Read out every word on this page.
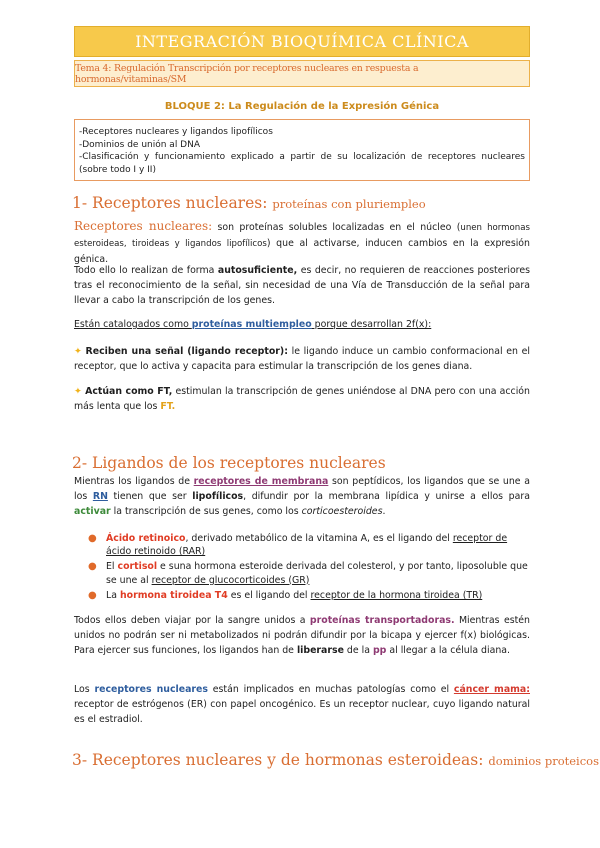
INTEGRACIÓN BIOQUÍMICA CLÍNICA
Tema 4: Regulación Transcripción por receptores nucleares en respuesta a hormonas/vitaminas/SM
BLOQUE 2: La Regulación de la Expresión Génica
-Receptores nucleares y ligandos lipofílicos
-Dominios de unión al DNA
-Clasificación y funcionamiento explicado a partir de su localización de receptores nucleares (sobre todo I y II)
1- Receptores nucleares: proteínas con pluriempleo
Receptores nucleares: son proteínas solubles localizadas en el núcleo (unen hormonas esteroideas, tiroideas y ligandos lipofílicos) que al activarse, inducen cambios en la expresión génica.
Todo ello lo realizan de forma autosuficiente, es decir, no requieren de reacciones posteriores tras el reconocimiento de la señal, sin necesidad de una Vía de Transducción de la señal para llevar a cabo la transcripción de los genes.
Están catalogados como proteínas multiempleo porque desarrollan 2f(x):
✦ Reciben una señal (ligando receptor): le ligando induce un cambio conformacional en el receptor, que lo activa y capacita para estimular la transcripción de los genes diana.
✦ Actúan como FT, estimulan la transcripción de genes uniéndose al DNA pero con una acción más lenta que los FT.
2- Ligandos de los receptores nucleares
Mientras los ligandos de receptores de membrana son peptídicos, los ligandos que se une a los RN tienen que ser lipofílicos, difundir por la membrana lipídica y unirse a ellos para activar la transcripción de sus genes, como los corticoesteroides.
● Ácido retinoico, derivado metabólico de la vitamina A, es el ligando del receptor de ácido retinoido (RAR)
● El cortisol e suna hormona esteroide derivada del colesterol, y por tanto, liposoluble que se une al receptor de glucocorticoides (GR)
● La hormona tiroidea T4 es el ligando del receptor de la hormona tiroidea (TR)
Todos ellos deben viajar por la sangre unidos a proteínas transportadoras. Mientras estén unidos no podrán ser ni metabolizados ni podrán difundir por la bicapa y ejercer f(x) biológicas. Para ejercer sus funciones, los ligandos han de liberarse de la pp al llegar a la célula diana.
Los receptores nucleares están implicados en muchas patologías como el cáncer mama: receptor de estrógenos (ER) con papel oncogénico. Es un receptor nuclear, cuyo ligando natural es el estradiol.
3- Receptores nucleares y de hormonas esteroideas: dominios proteicos
